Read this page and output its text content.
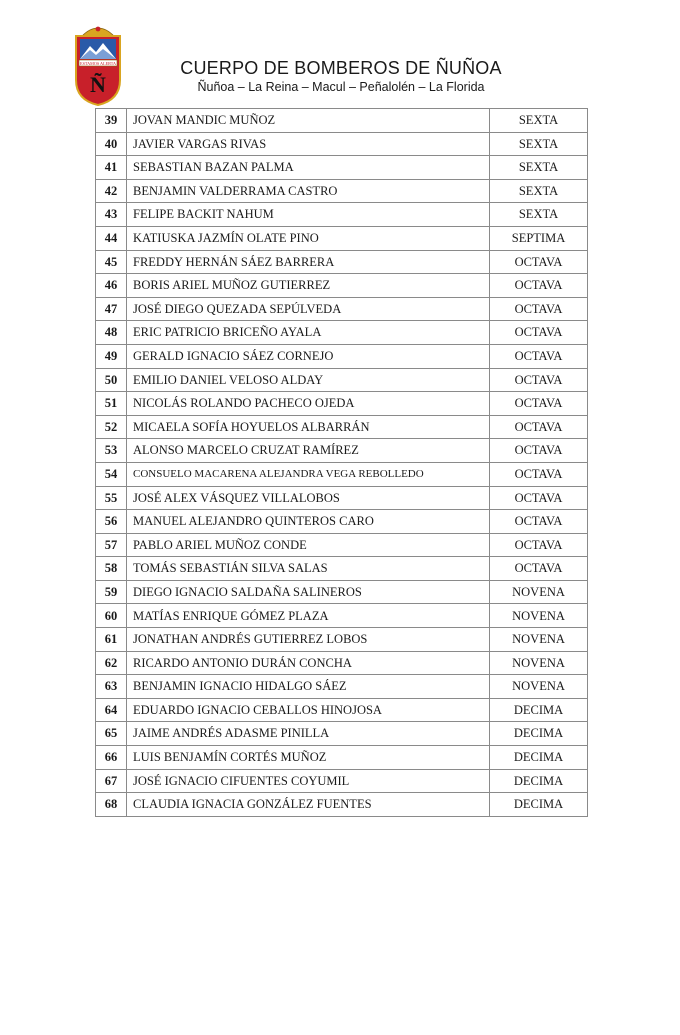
ESTAMOS ALERTA
Ñ
CUERPO DE BOMBEROS DE ÑUÑOA
Ñuñoa – La Reina – Macul – Peñalolén – La Florida
39	JOVAN MANDIC MUÑOZ	SEXTA
40	JAVIER VARGAS RIVAS	SEXTA
41	SEBASTIAN BAZAN PALMA	SEXTA
42	BENJAMIN VALDERRAMA CASTRO	SEXTA
43	FELIPE BACKIT NAHUM	SEXTA
44	KATIUSKA JAZMÍN OLATE PINO	SEPTIMA
45	FREDDY HERNÁN SÁEZ BARRERA	OCTAVA
46	BORIS ARIEL MUÑOZ GUTIERREZ	OCTAVA
47	JOSÉ DIEGO QUEZADA SEPÚLVEDA	OCTAVA
48	ERIC PATRICIO BRICEÑO AYALA	OCTAVA
49	GERALD IGNACIO SÁEZ CORNEJO	OCTAVA
50	EMILIO DANIEL VELOSO ALDAY	OCTAVA
51	NICOLÁS ROLANDO PACHECO OJEDA	OCTAVA
52	MICAELA SOFÍA HOYUELOS ALBARRÁN	OCTAVA
53	ALONSO MARCELO CRUZAT RAMÍREZ	OCTAVA
54	CONSUELO MACARENA ALEJANDRA VEGA REBOLLEDO	OCTAVA
55	JOSÉ ALEX VÁSQUEZ VILLALOBOS	OCTAVA
56	MANUEL ALEJANDRO QUINTEROS CARO	OCTAVA
57	PABLO ARIEL MUÑOZ CONDE	OCTAVA
58	TOMÁS SEBASTIÁN SILVA SALAS	OCTAVA
59	DIEGO IGNACIO SALDAÑA SALINEROS	NOVENA
60	MATÍAS ENRIQUE GÓMEZ PLAZA	NOVENA
61	JONATHAN ANDRÉS GUTIERREZ LOBOS	NOVENA
62	RICARDO ANTONIO DURÁN CONCHA	NOVENA
63	BENJAMIN IGNACIO HIDALGO SÁEZ	NOVENA
64	EDUARDO IGNACIO CEBALLOS HINOJOSA	DECIMA
65	JAIME ANDRÉS ADASME PINILLA	DECIMA
66	LUIS BENJAMÍN CORTÉS MUÑOZ	DECIMA
67	JOSÉ IGNACIO CIFUENTES COYUMIL	DECIMA
68	CLAUDIA IGNACIA GONZÁLEZ FUENTES	DECIMA
